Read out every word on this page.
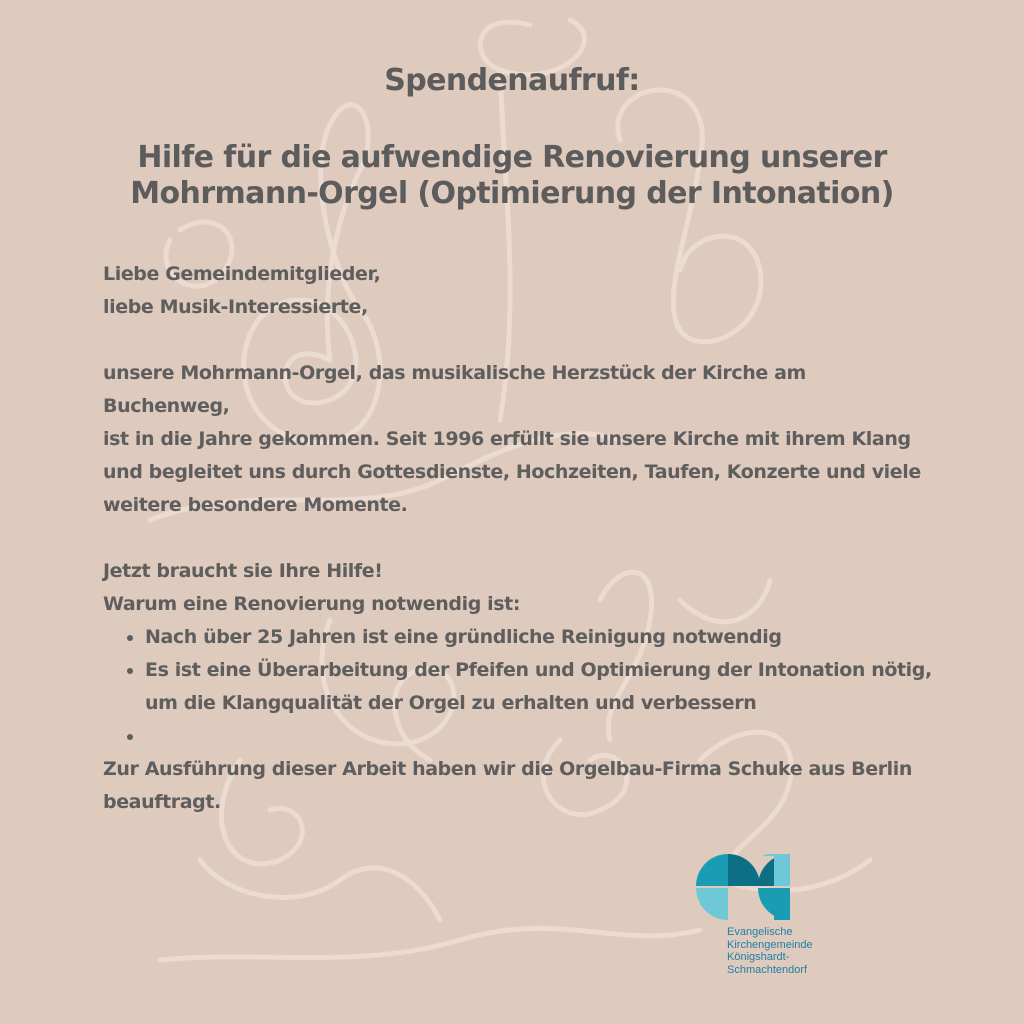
Spendenaufruf:
Hilfe für die aufwendige Renovierung unserer
Mohrmann-Orgel (Optimierung der Intonation)

Liebe Gemeindemitglieder,

liebe Musik-Interessierte,

unsere Mohrmann-Orgel, das musikalische Herzstück der Kirche am

Buchenweg,

ist in die Jahre gekommen. Seit 1996 erfüllt sie unsere Kirche mit ihrem Klang

und begleitet uns durch Gottesdienste, Hochzeiten, Taufen, Konzerte und viele

weitere besondere Momente.

Jetzt braucht sie Ihre Hilfe!

Warum eine Renovierung notwendig ist:

• Nach über 25 Jahren ist eine gründliche Reinigung notwendig
• Es ist eine Überarbeitung der Pfeifen und Optimierung der Intonation nötig, um die Klangqualität der Orgel zu erhalten und verbessern
•

Zur Ausführung dieser Arbeit haben wir die Orgelbau-Firma Schuke aus Berlin

beauftragt.

Evangelische
Kirchengemeinde
Königshardt-
Schmachtendorf
